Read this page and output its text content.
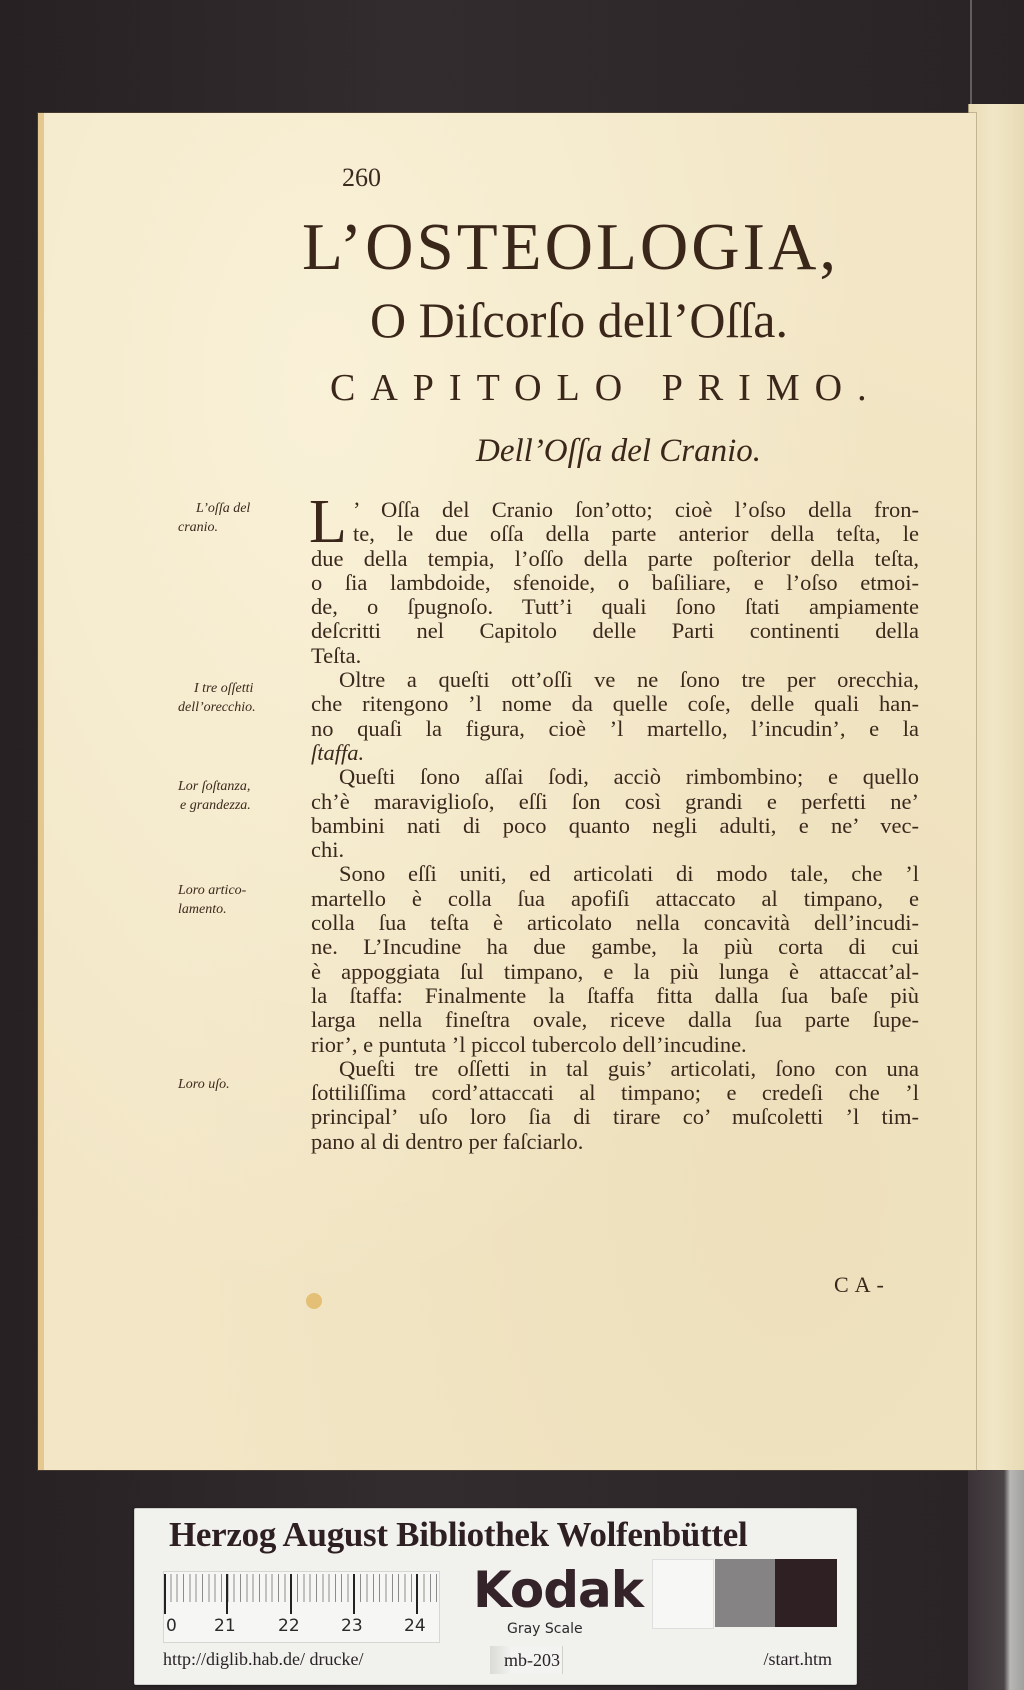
260
L’OSTEOLOGIA,
O Diſcorſo dell’Oſſa.
CAPITOLO PRIMO.
Dell’Oſſa del Cranio.
L’oſſa del
cranio.
I tre oſſetti
dell’orecchio.
Lor ſoſtanza,
e grandezza.
Loro artico-
lamento.
Loro uſo.
L ’ Oſſa del Cranio ſon’otto; cioè l’oſso della fron-
te, le due oſſa della parte anterior della teſta, le
due della tempia, l’oſſo della parte poſterior della teſta,
o ſia lambdoide, sfenoide, o baſiliare, e l’oſso etmoi-
de, o ſpugnoſo. Tutt’i quali ſono ſtati ampiamente
deſcritti nel Capitolo delle Parti continenti della
Teſta.
Oltre a queſti ott’oſſi ve ne ſono tre per orecchia,
che ritengono ’l nome da quelle coſe, delle quali han-
no quaſi la figura, cioè ’l martello, l’incudin’, e la
ſtaffa.
Queſti ſono aſſai ſodi, acciò rimbombino; e quello
ch’è maraviglioſo, eſſi ſon così grandi e perfetti ne’
bambini nati di poco quanto negli adulti, e ne’ vec-
chi.
Sono eſſi uniti, ed articolati di modo tale, che ’l
martello è colla ſua apofiſi attaccato al timpano, e
colla ſua teſta è articolato nella concavità dell’incudi-
ne. L’Incudine ha due gambe, la più corta di cui
è appoggiata ſul timpano, e la più lunga è attaccat’al-
la ſtaffa: Finalmente la ſtaffa fitta dalla ſua baſe più
larga nella fineſtra ovale, riceve dalla ſua parte ſupe-
rior’, e puntuta ’l piccol tubercolo dell’incudine.
Queſti tre oſſetti in tal guis’ articolati, ſono con una
ſottiliſſima cord’attaccati al timpano; e credeſi che ’l
principal’ uſo loro ſia di tirare co’ muſcoletti ’l tim-
pano al di dentro per faſciarlo.
CA-
Herzog August Bibliothek Wolfenbüttel
0 21 22 23 24
Kodak
Gray Scale
http://diglib.hab.de/ drucke/	mb-203	/start.htm
